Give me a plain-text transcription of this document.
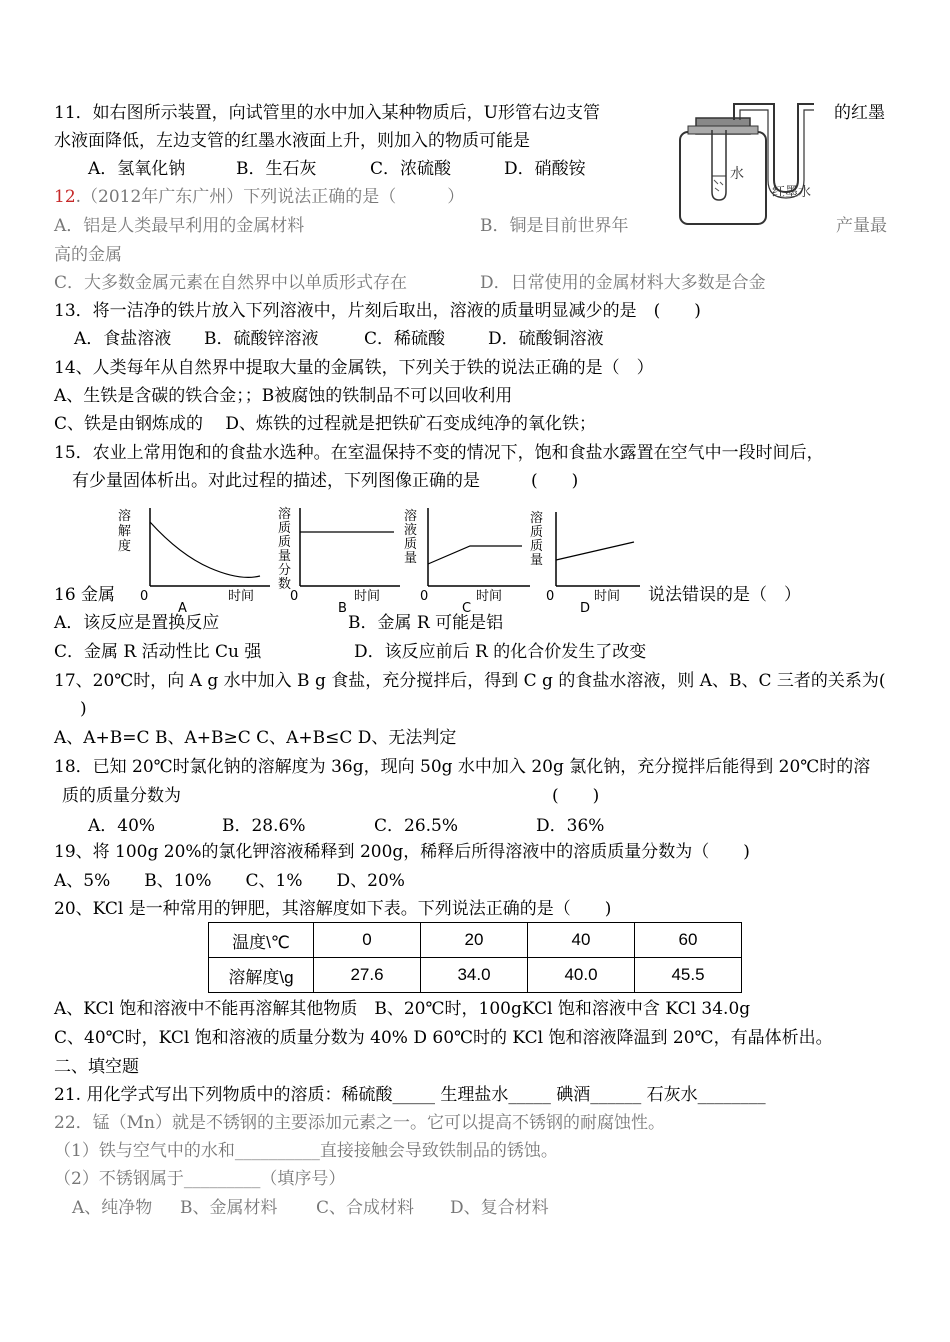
11．如右图所示装置，向试管里的水中加入某种物质后，U形管右边支管	的红墨
水液面降低，左边支管的红墨水液面上升，则加入的物质可能是
A．氢氧化钠	B．生石灰	C．浓硫酸	D．硝酸铵	水
红墨水
12.（2012年广东广州）下列说法正确的是（　　　）
A．铝是人类最早利用的金属材料	B．铜是目前世界年	产量最
高的金属
C．大多数金属元素在自然界中以单质形式存在	D．日常使用的金属材料大多数是合金
13．将一洁净的铁片放入下列溶液中，片刻后取出，溶液的质量明显减少的是　(　　)
A．食盐溶液 B．硫酸锌溶液	C．稀硫酸	D．硫酸铜溶液
14、人类每年从自然界中提取大量的金属铁，下列关于铁的说法正确的是（　）
A、生铁是含碳的铁合金；；B被腐蚀的铁制品不可以回收利用
C、铁是由钢炼成的　 D、炼铁的过程就是把铁矿石变成纯净的氧化铁；
15．农业上常用饱和的食盐水选种。在室温保持不变的情况下，饱和食盐水露置在空气中一段时间后，
有少量固体析出。对此过程的描述，下列图像正确的是　　　(　　)
溶
解
度
0	时间
A
溶
质
质
量
分
数
0	时间
B
溶
液
质
量
0	时间
C
溶
质
质
量
0	时间
D
16 金属	说法错误的是（　）
A．该反应是置换反应	B．金属 R 可能是铝
C．金属 R 活动性比 Cu 强	D．该反应前后 R 的化合价发生了改变
17、20℃时，向 A g 水中加入 B g 食盐，充分搅拌后，得到 C g 的食盐水溶液，则 A、B、C 三者的关系为(
)
A、A+B=C B、A+B≥C C、A+B≤C D、无法判定
18．已知 20℃时氯化钠的溶解度为 36g，现向 50g 水中加入 20g 氯化钠，充分搅拌后能得到 20℃时的溶
质的质量分数为	(　　)
A．40%	B．28.6%	C．26.5%	D．36%
19、将 100g 20%的氯化钾溶液稀释到 200g，稀释后所得溶液中的溶质质量分数为（　　)
A、5%　　B、10%　　C、1%　　D、20%
20、KCl 是一种常用的钾肥，其溶解度如下表。下列说法正确的是（　　)
温度\℃	0	20	40	60
溶解度\g	27.6	34.0	40.0	45.5
A、KCl 饱和溶液中不能再溶解其他物质　B、20℃时，100gKCl 饱和溶液中含 KCl 34.0g
C、40℃时，KCl 饱和溶液的质量分数为 40% D 60℃时的 KCl 饱和溶液降温到 20℃，有晶体析出。
二、填空题
21. 用化学式写出下列物质中的溶质：稀硫酸_____ 生理盐水_____ 碘酒______ 石灰水________
22．锰（Mn）就是不锈钢的主要添加元素之一。它可以提高不锈钢的耐腐蚀性。
（1）铁与空气中的水和__________直接接触会导致铁制品的锈蚀。
（2）不锈钢属于_________（填序号）
A、纯净物 B、金属材料 C、合成材料 D、复合材料
